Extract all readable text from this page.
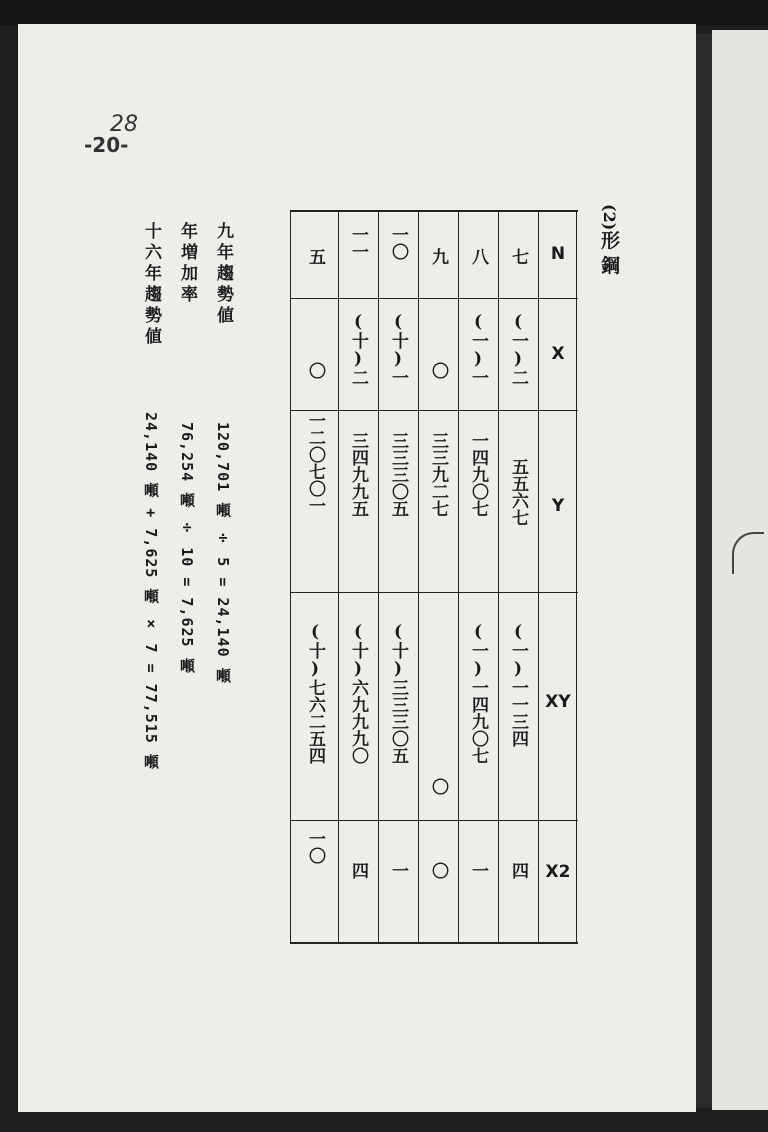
28
-20-
(2)形鋼
N
X
Y
XY
X2
七
(一)二
五五六七
(一)一一三四
四
八
(一)一
一四九〇七
(一)一四九〇七
一
九
〇
三三九二七
〇
〇
一〇
(十)一
三三三〇五
(十)三三三〇五
一
一一
(十)二
三四九九五
(十)六九九九〇
四
五
〇
一二〇七〇一
(十)七六二五四
一〇
九年趨勢値120,701 噸 ÷ 5 = 24,140 噸
年増加率76,254 噸 ÷ 10 = 7,625 噸
十六年趨勢値24,140 噸 + 7,625 噸 × 7 = 77,515 噸
